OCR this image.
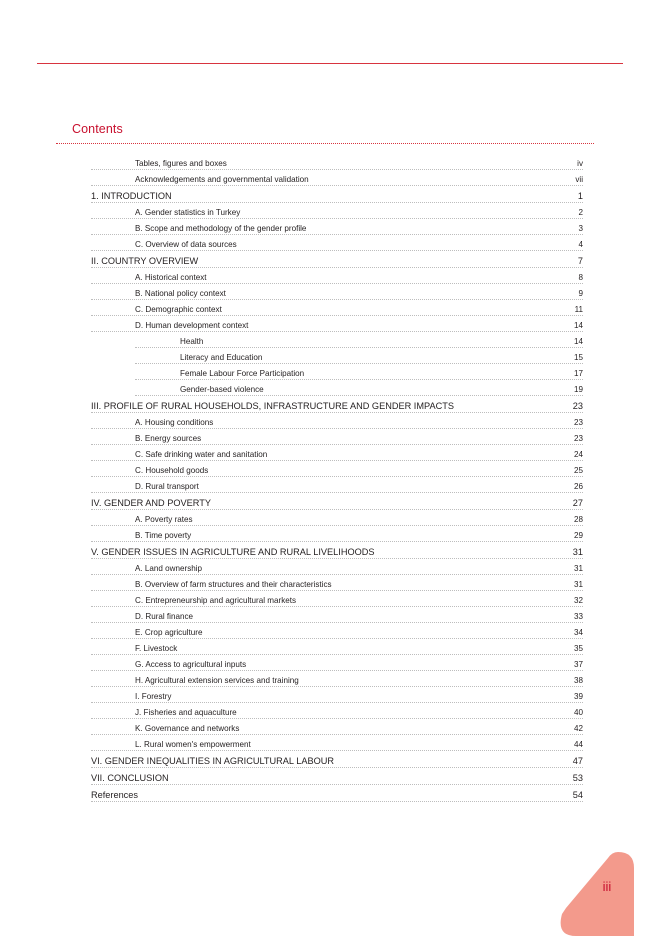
Contents
Tables, figures and boxes	iv
Acknowledgements and governmental validation	vii
1. INTRODUCTION	1
A. Gender statistics in Turkey	2
B. Scope and methodology of the gender profile	3
C. Overview of data sources	4
II. COUNTRY OVERVIEW	7
A. Historical context	8
B. National policy context	9
C. Demographic context	11
D. Human development context	14
Health	14
Literacy and Education	15
Female Labour Force Participation	17
Gender-based violence	19
III. PROFILE OF RURAL HOUSEHOLDS, INFRASTRUCTURE AND GENDER IMPACTS	23
A. Housing conditions	23
B. Energy sources	23
C. Safe drinking water and sanitation	24
C. Household goods	25
D. Rural transport	26
IV. GENDER AND POVERTY	27
A. Poverty rates	28
B. Time poverty	29
V. GENDER ISSUES IN AGRICULTURE AND RURAL LIVELIHOODS	31
A. Land ownership	31
B. Overview of farm structures and their characteristics	31
C. Entrepreneurship and agricultural markets	32
D. Rural finance	33
E. Crop agriculture	34
F. Livestock	35
G. Access to agricultural inputs	37
H. Agricultural extension services and training	38
I. Forestry	39
J. Fisheries and aquaculture	40
K. Governance and networks	42
L. Rural women's empowerment	44
VI. GENDER INEQUALITIES IN AGRICULTURAL LABOUR	47
VII. CONCLUSION	53
References	54
iii
